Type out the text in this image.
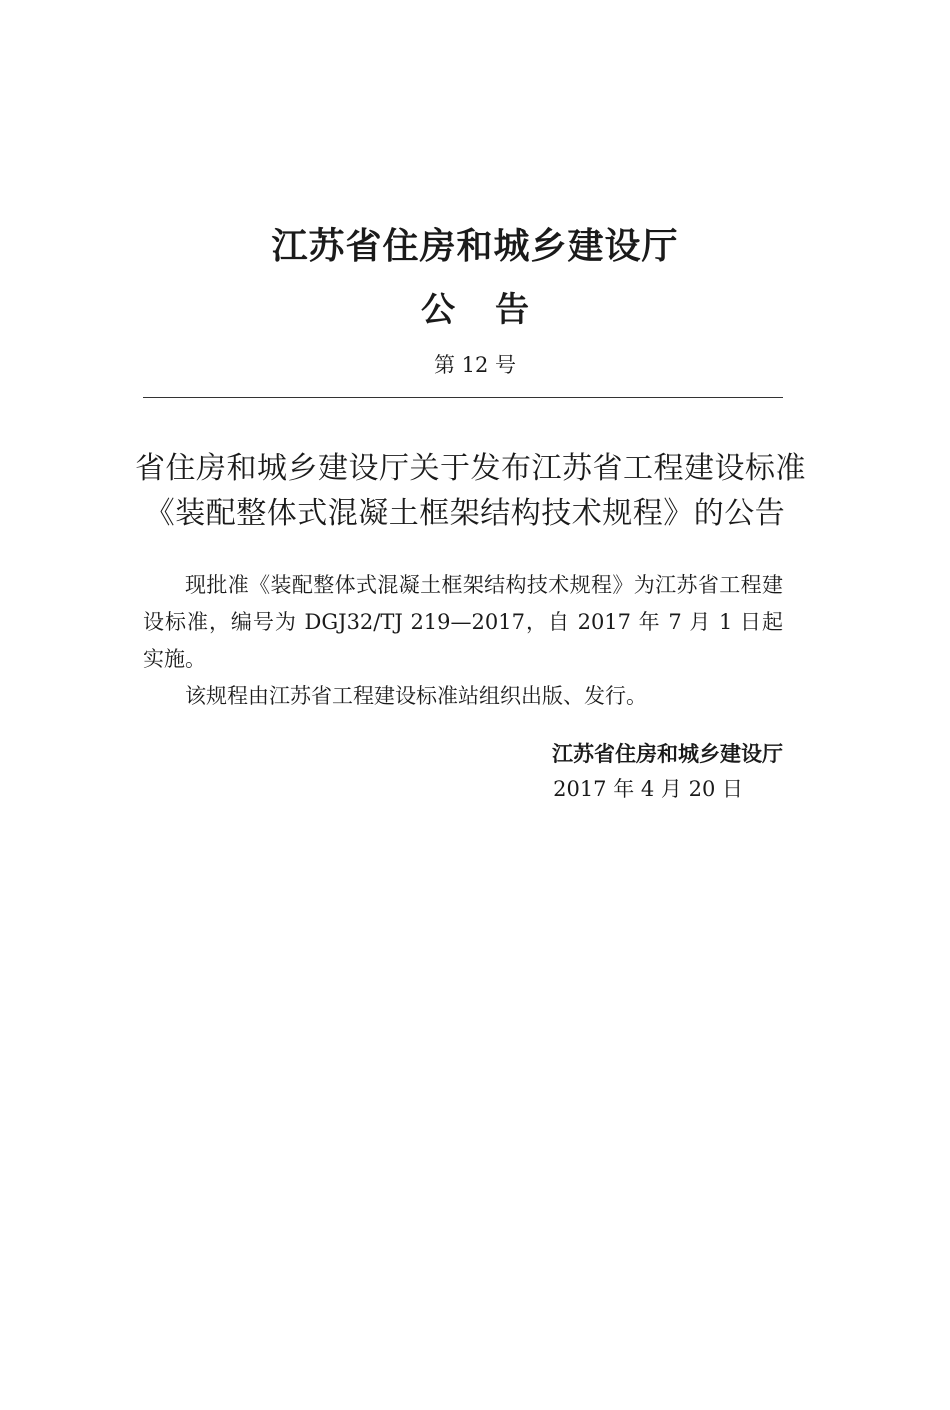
江苏省住房和城乡建设厅
公 告
第 12 号
省住房和城乡建设厅关于发布江苏省工程建设标准
《装配整体式混凝土框架结构技术规程》的公告

现批准《装配整体式混凝土框架结构技术规程》为江苏省工程建设标准，编号为 DGJ32/TJ 219—2017，自 2017 年 7 月 1 日起实施。

该规程由江苏省工程建设标准站组织出版、发行。

江苏省住房和城乡建设厅
2017 年 4 月 20 日
